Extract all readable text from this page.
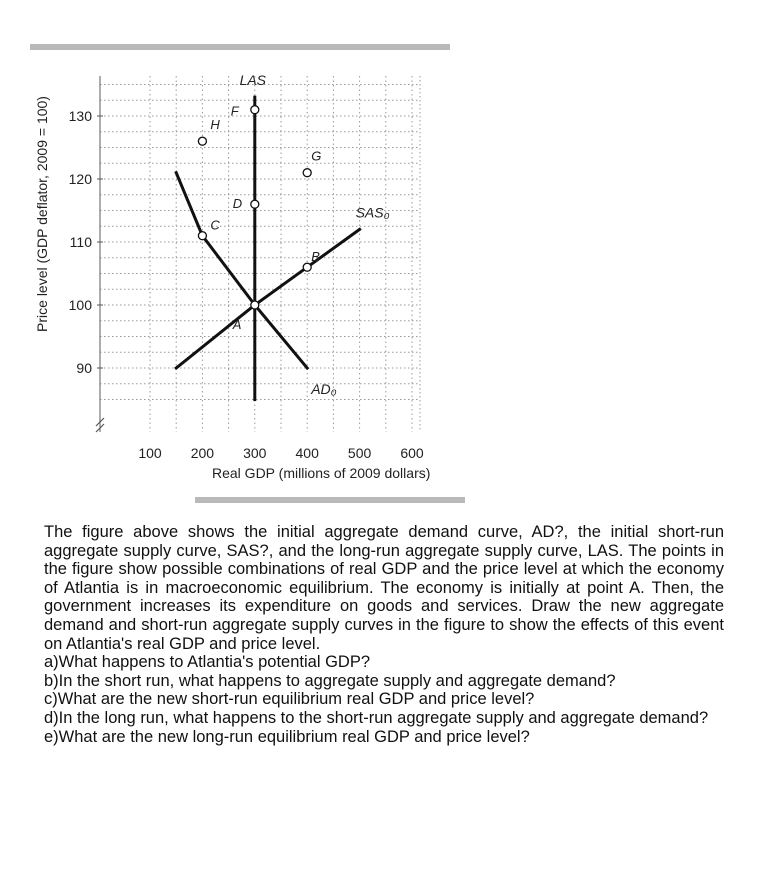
90
100
110
120
130
100 200 300 400 500 600
Real GDP (millions of 2009 dollars)
Price level (GDP deflator, 2009 = 100)	A
B
C
D
F
G
H
LAS
SAS₀
AD₀

The figure above shows the initial aggregate demand curve, AD?, the initial short-run aggregate supply curve, SAS?, and the long-run aggregate supply curve, LAS. The points in the figure show possible combinations of real GDP and the price level at which the economy of Atlantia is in macroeconomic equilibrium. The economy is initially at point A. Then, the government increases its expenditure on goods and services. Draw the new aggregate demand and short-run aggregate supply curves in the figure to show the effects of this event on Atlantia's real GDP and price level.

a)What happens to Atlantia's potential GDP?

b)In the short run, what happens to aggregate supply and aggregate demand?

c)What are the new short-run equilibrium real GDP and price level?

d)In the long run, what happens to the short-run aggregate supply and aggregate demand?

e)What are the new long-run equilibrium real GDP and price level?
